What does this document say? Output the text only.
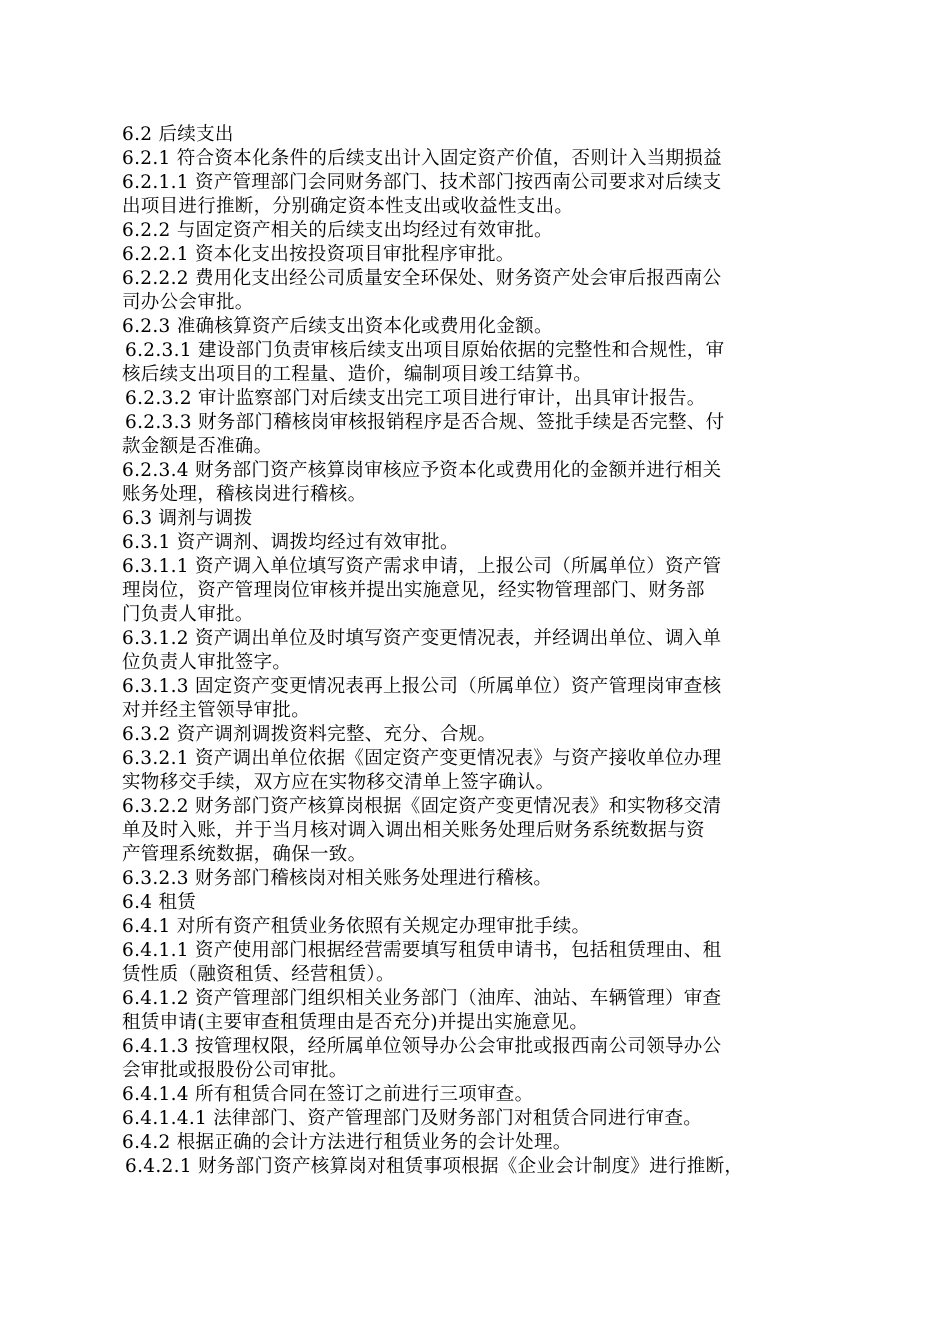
6.2 后续支出
6.2.1 符合资本化条件的后续支出计入固定资产价值，否则计入当期损益
6.2.1.1 资产管理部门会同财务部门、技术部门按西南公司要求对后续支
出项目进行推断，分别确定资本性支出或收益性支出。
6.2.2 与固定资产相关的后续支出均经过有效审批。
6.2.2.1 资本化支出按投资项目审批程序审批。
6.2.2.2 费用化支出经公司质量安全环保处、财务资产处会审后报西南公
司办公会审批。
6.2.3 准确核算资产后续支出资本化或费用化金额。
6.2.3.1 建设部门负责审核后续支出项目原始依据的完整性和合规性，审
核后续支出项目的工程量、造价，编制项目竣工结算书。
6.2.3.2 审计监察部门对后续支出完工项目进行审计，出具审计报告。
6.2.3.3 财务部门稽核岗审核报销程序是否合规、签批手续是否完整、付
款金额是否准确。
6.2.3.4 财务部门资产核算岗审核应予资本化或费用化的金额并进行相关
账务处理，稽核岗进行稽核。
6.3 调剂与调拨
6.3.1 资产调剂、调拨均经过有效审批。
6.3.1.1 资产调入单位填写资产需求申请，上报公司（所属单位）资产管
理岗位，资产管理岗位审核并提出实施意见，经实物管理部门、财务部
门负责人审批。
6.3.1.2 资产调出单位及时填写资产变更情况表，并经调出单位、调入单
位负责人审批签字。
6.3.1.3 固定资产变更情况表再上报公司（所属单位）资产管理岗审查核
对并经主管领导审批。
6.3.2 资产调剂调拨资料完整、充分、合规。
6.3.2.1 资产调出单位依据《固定资产变更情况表》与资产接收单位办理
实物移交手续，双方应在实物移交清单上签字确认。
6.3.2.2 财务部门资产核算岗根据《固定资产变更情况表》和实物移交清
单及时入账，并于当月核对调入调出相关账务处理后财务系统数据与资
产管理系统数据，确保一致。
6.3.2.3 财务部门稽核岗对相关账务处理进行稽核。
6.4 租赁
6.4.1 对所有资产租赁业务依照有关规定办理审批手续。
6.4.1.1 资产使用部门根据经营需要填写租赁申请书，包括租赁理由、租
赁性质（融资租赁、经营租赁）。
6.4.1.2 资产管理部门组织相关业务部门（油库、油站、车辆管理）审查
租赁申请(主要审查租赁理由是否充分)并提出实施意见。
6.4.1.3 按管理权限，经所属单位领导办公会审批或报西南公司领导办公
会审批或报股份公司审批。
6.4.1.4 所有租赁合同在签订之前进行三项审查。
6.4.1.4.1 法律部门、资产管理部门及财务部门对租赁合同进行审查。
6.4.2 根据正确的会计方法进行租赁业务的会计处理。
6.4.2.1 财务部门资产核算岗对租赁事项根据《企业会计制度》进行推断，
